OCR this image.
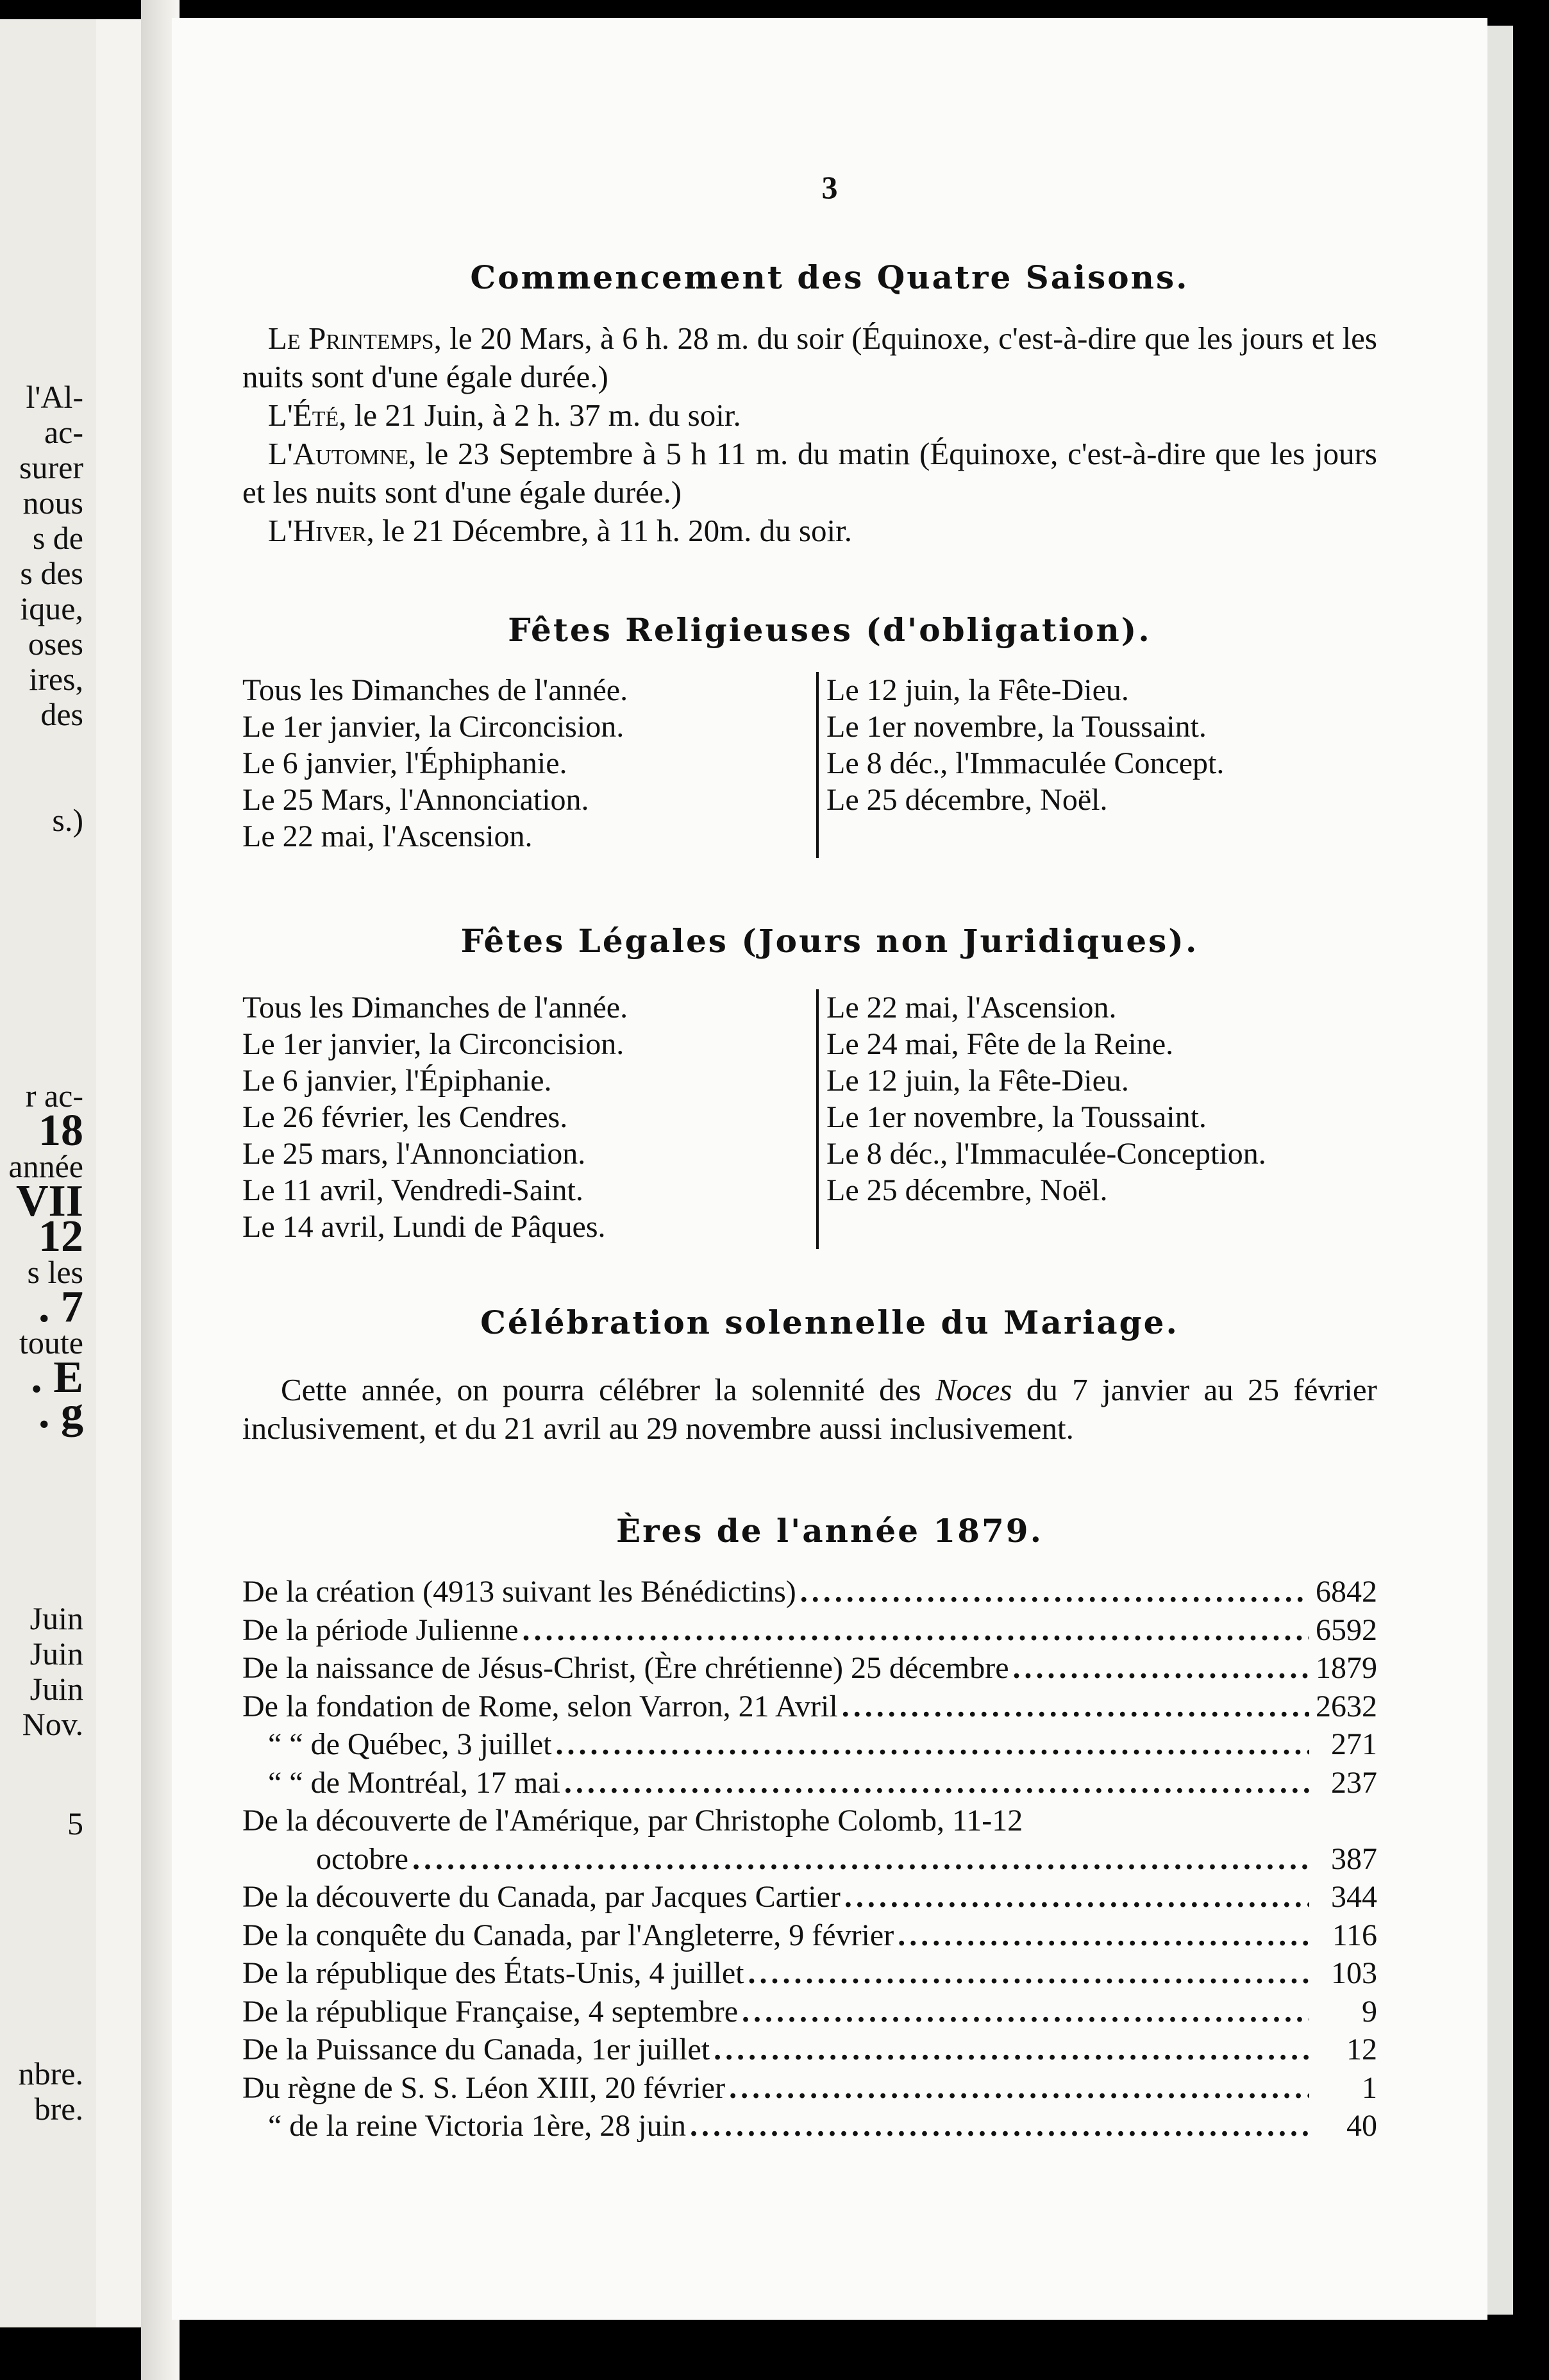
l'Al-
ac-
surer
nous
s de
s des
ique,
oses
ires,
des
s.)
r ac-
18
année
VII
12
s les
. 7
toute
. E
. g
Juin
Juin
Juin
Nov.
5
nbre.
bre.
3
Commencement des Quatre Saisons.
Le Printemps, le 20 Mars, à 6 h. 28 m. du soir (Équinoxe, c'est-à-dire que les jours et les nuits sont d'une égale durée.)
L'Été, le 21 Juin, à 2 h. 37 m. du soir.
L'Automne, le 23 Septembre à 5 h 11 m. du matin (Équinoxe, c'est-à-dire que les jours et les nuits sont d'une égale durée.)
L'Hiver, le 21 Décembre, à 11 h. 20m. du soir.
Fêtes Religieuses (d'obligation).
Tous les Dimanches de l'année.
Le 1er janvier, la Circoncision.
Le 6 janvier, l'Éphiphanie.
Le 25 Mars, l'Annonciation.
Le 22 mai, l'Ascension.
Le 12 juin, la Fête-Dieu.
Le 1er novembre, la Toussaint.
Le 8 déc., l'Immaculée Concept.
Le 25 décembre, Noël.
Fêtes Légales (Jours non Juridiques).
Tous les Dimanches de l'année.
Le 1er janvier, la Circoncision.
Le 6 janvier, l'Épiphanie.
Le 26 février, les Cendres.
Le 25 mars, l'Annonciation.
Le 11 avril, Vendredi-Saint.
Le 14 avril, Lundi de Pâques.
Le 22 mai, l'Ascension.
Le 24 mai, Fête de la Reine.
Le 12 juin, la Fête-Dieu.
Le 1er novembre, la Toussaint.
Le 8 déc., l'Immaculée-Conception.
Le 25 décembre, Noël.
Célébration solennelle du Mariage.
Cette année, on pourra célébrer la solennité des Noces du 7 janvier au 25 février inclusivement, et du 21 avril au 29 novembre aussi inclusivement.
Ères de l'année 1879.
De la création (4913 suivant les Bénédictins) .....	6842
De la période Julienne .....	6592
De la naissance de Jésus-Christ, (Ère chrétienne) 25 décembre .....	1879
De la fondation de Rome, selon Varron, 21 Avril .....	2632
“ “ de Québec, 3 juillet .....	271
“ “ de Montréal, 17 mai .....	237
De la découverte de l'Amérique, par Christophe Colomb, 11-12
octobre .....	387
De la découverte du Canada, par Jacques Cartier .....	344
De la conquête du Canada, par l'Angleterre, 9 février .....	116
De la république des États-Unis, 4 juillet .....	103
De la république Française, 4 septembre .....	9
De la Puissance du Canada, 1er juillet .....	12
Du règne de S. S. Léon XIII, 20 février .....	1
“ de la reine Victoria 1ère, 28 juin .....	40
